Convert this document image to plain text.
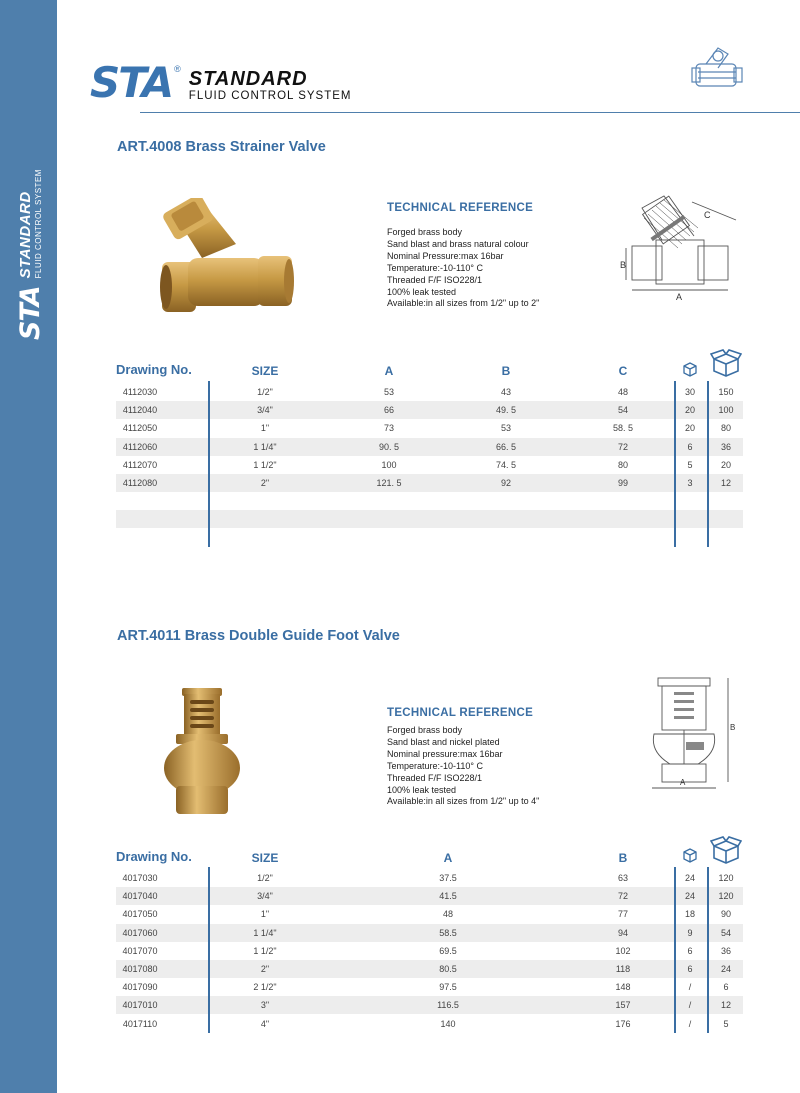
STA
STANDARD FLUID CONTROL SYSTEM
STA ® STANDARD
FLUID CONTROL SYSTEM
ART.4008 Brass Strainer Valve
TECHNICAL REFERENCE
Forged brass body
Sand blast and brass natural colour
Nominal Pressure:max 16bar
Temperature:-10-110° C
Threaded F/F ISO228/1
100% leak tested
Available:in all sizes from 1/2" up to 2"
C
B
A
Drawing No.	SIZE	A	B	C
4112030	1/2"	53	43	48	30	150
4112040	3/4"	66	49. 5	54	20	100
4112050	1"	73	53	58. 5	20	80
4112060	1 1/4"	90. 5	66. 5	72	6	36
4112070	1 1/2"	100	74. 5	80	5	20
4112080	2"	121. 5	92	99	3	12
ART.4011 Brass Double Guide Foot Valve
TECHNICAL REFERENCE
Forged brass body
Sand blast and nickel plated
Nominal pressure:max 16bar
Temperature:-10-110° C
Threaded F/F ISO228/1
100% leak tested
Available:in all sizes from 1/2" up to 4"
B
A
Drawing No.	SIZE	A	B
4017030	1/2"	37.5	63	24	120
4017040	3/4"	41.5	72	24	120
4017050	1"	48	77	18	90
4017060	1 1/4"	58.5	94	9	54
4017070	1 1/2"	69.5	102	6	36
4017080	2"	80.5	118	6	24
4017090	2 1/2"	97.5	148	/	6
4017010	3"	116.5	157	/	12
4017110	4"	140	176	/	5
